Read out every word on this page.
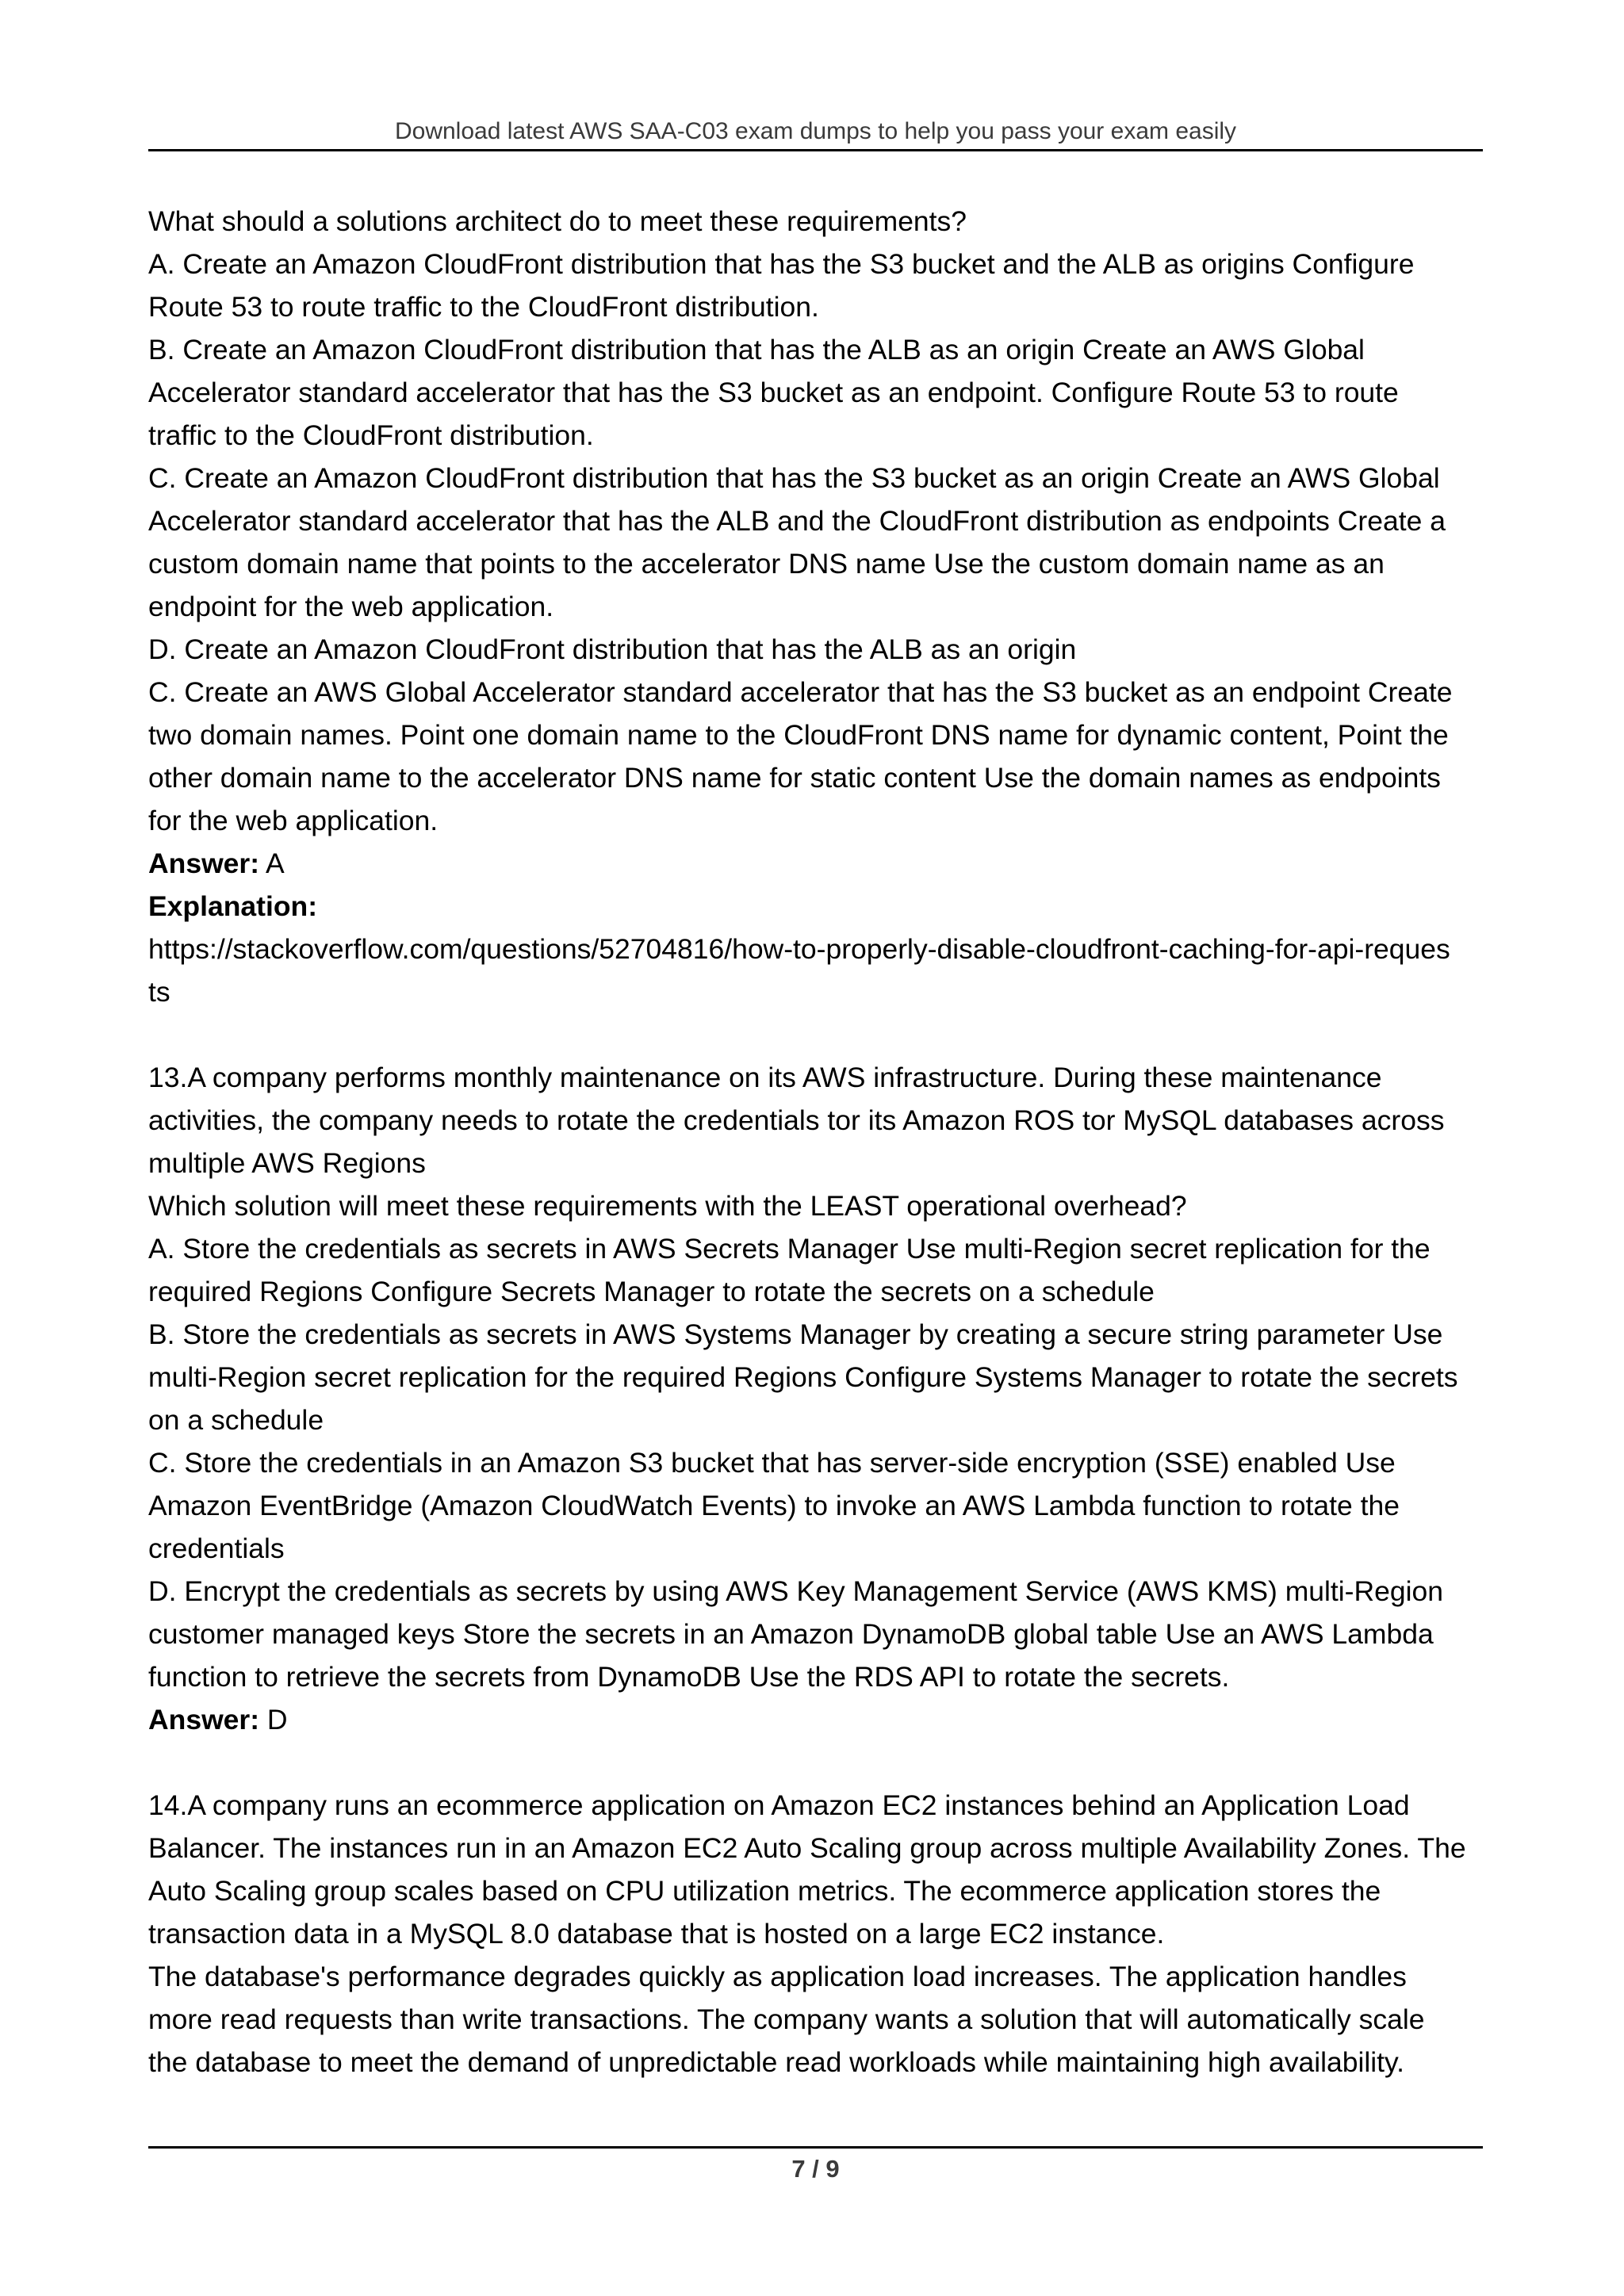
Download latest AWS SAA-C03 exam dumps to help you pass your exam easily
What should a solutions architect do to meet these requirements?
A. Create an Amazon CloudFront distribution that has the S3 bucket and the ALB as origins Configure
Route 53 to route traffic to the CloudFront distribution.
B. Create an Amazon CloudFront distribution that has the ALB as an origin Create an AWS Global
Accelerator standard accelerator that has the S3 bucket as an endpoint. Configure Route 53 to route
traffic to the CloudFront distribution.
C. Create an Amazon CloudFront distribution that has the S3 bucket as an origin Create an AWS Global
Accelerator standard accelerator that has the ALB and the CloudFront distribution as endpoints Create a
custom domain name that points to the accelerator DNS name Use the custom domain name as an
endpoint for the web application.
D. Create an Amazon CloudFront distribution that has the ALB as an origin
C. Create an AWS Global Accelerator standard accelerator that has the S3 bucket as an endpoint Create
two domain names. Point one domain name to the CloudFront DNS name for dynamic content, Point the
other domain name to the accelerator DNS name for static content Use the domain names as endpoints
for the web application.
Answer: A
Explanation:
https://stackoverflow.com/questions/52704816/how-to-properly-disable-cloudfront-caching-for-api-reques
ts
13.A company performs monthly maintenance on its AWS infrastructure. During these maintenance
activities, the company needs to rotate the credentials tor its Amazon ROS tor MySQL databases across
multiple AWS Regions
Which solution will meet these requirements with the LEAST operational overhead?
A. Store the credentials as secrets in AWS Secrets Manager Use multi-Region secret replication for the
required Regions Configure Secrets Manager to rotate the secrets on a schedule
B. Store the credentials as secrets in AWS Systems Manager by creating a secure string parameter Use
multi-Region secret replication for the required Regions Configure Systems Manager to rotate the secrets
on a schedule
C. Store the credentials in an Amazon S3 bucket that has server-side encryption (SSE) enabled Use
Amazon EventBridge (Amazon CloudWatch Events) to invoke an AWS Lambda function to rotate the
credentials
D. Encrypt the credentials as secrets by using AWS Key Management Service (AWS KMS) multi-Region
customer managed keys Store the secrets in an Amazon DynamoDB global table Use an AWS Lambda
function to retrieve the secrets from DynamoDB Use the RDS API to rotate the secrets.
Answer: D
14.A company runs an ecommerce application on Amazon EC2 instances behind an Application Load
Balancer. The instances run in an Amazon EC2 Auto Scaling group across multiple Availability Zones. The
Auto Scaling group scales based on CPU utilization metrics. The ecommerce application stores the
transaction data in a MySQL 8.0 database that is hosted on a large EC2 instance.
The database's performance degrades quickly as application load increases. The application handles
more read requests than write transactions. The company wants a solution that will automatically scale
the database to meet the demand of unpredictable read workloads while maintaining high availability.
7 / 9
